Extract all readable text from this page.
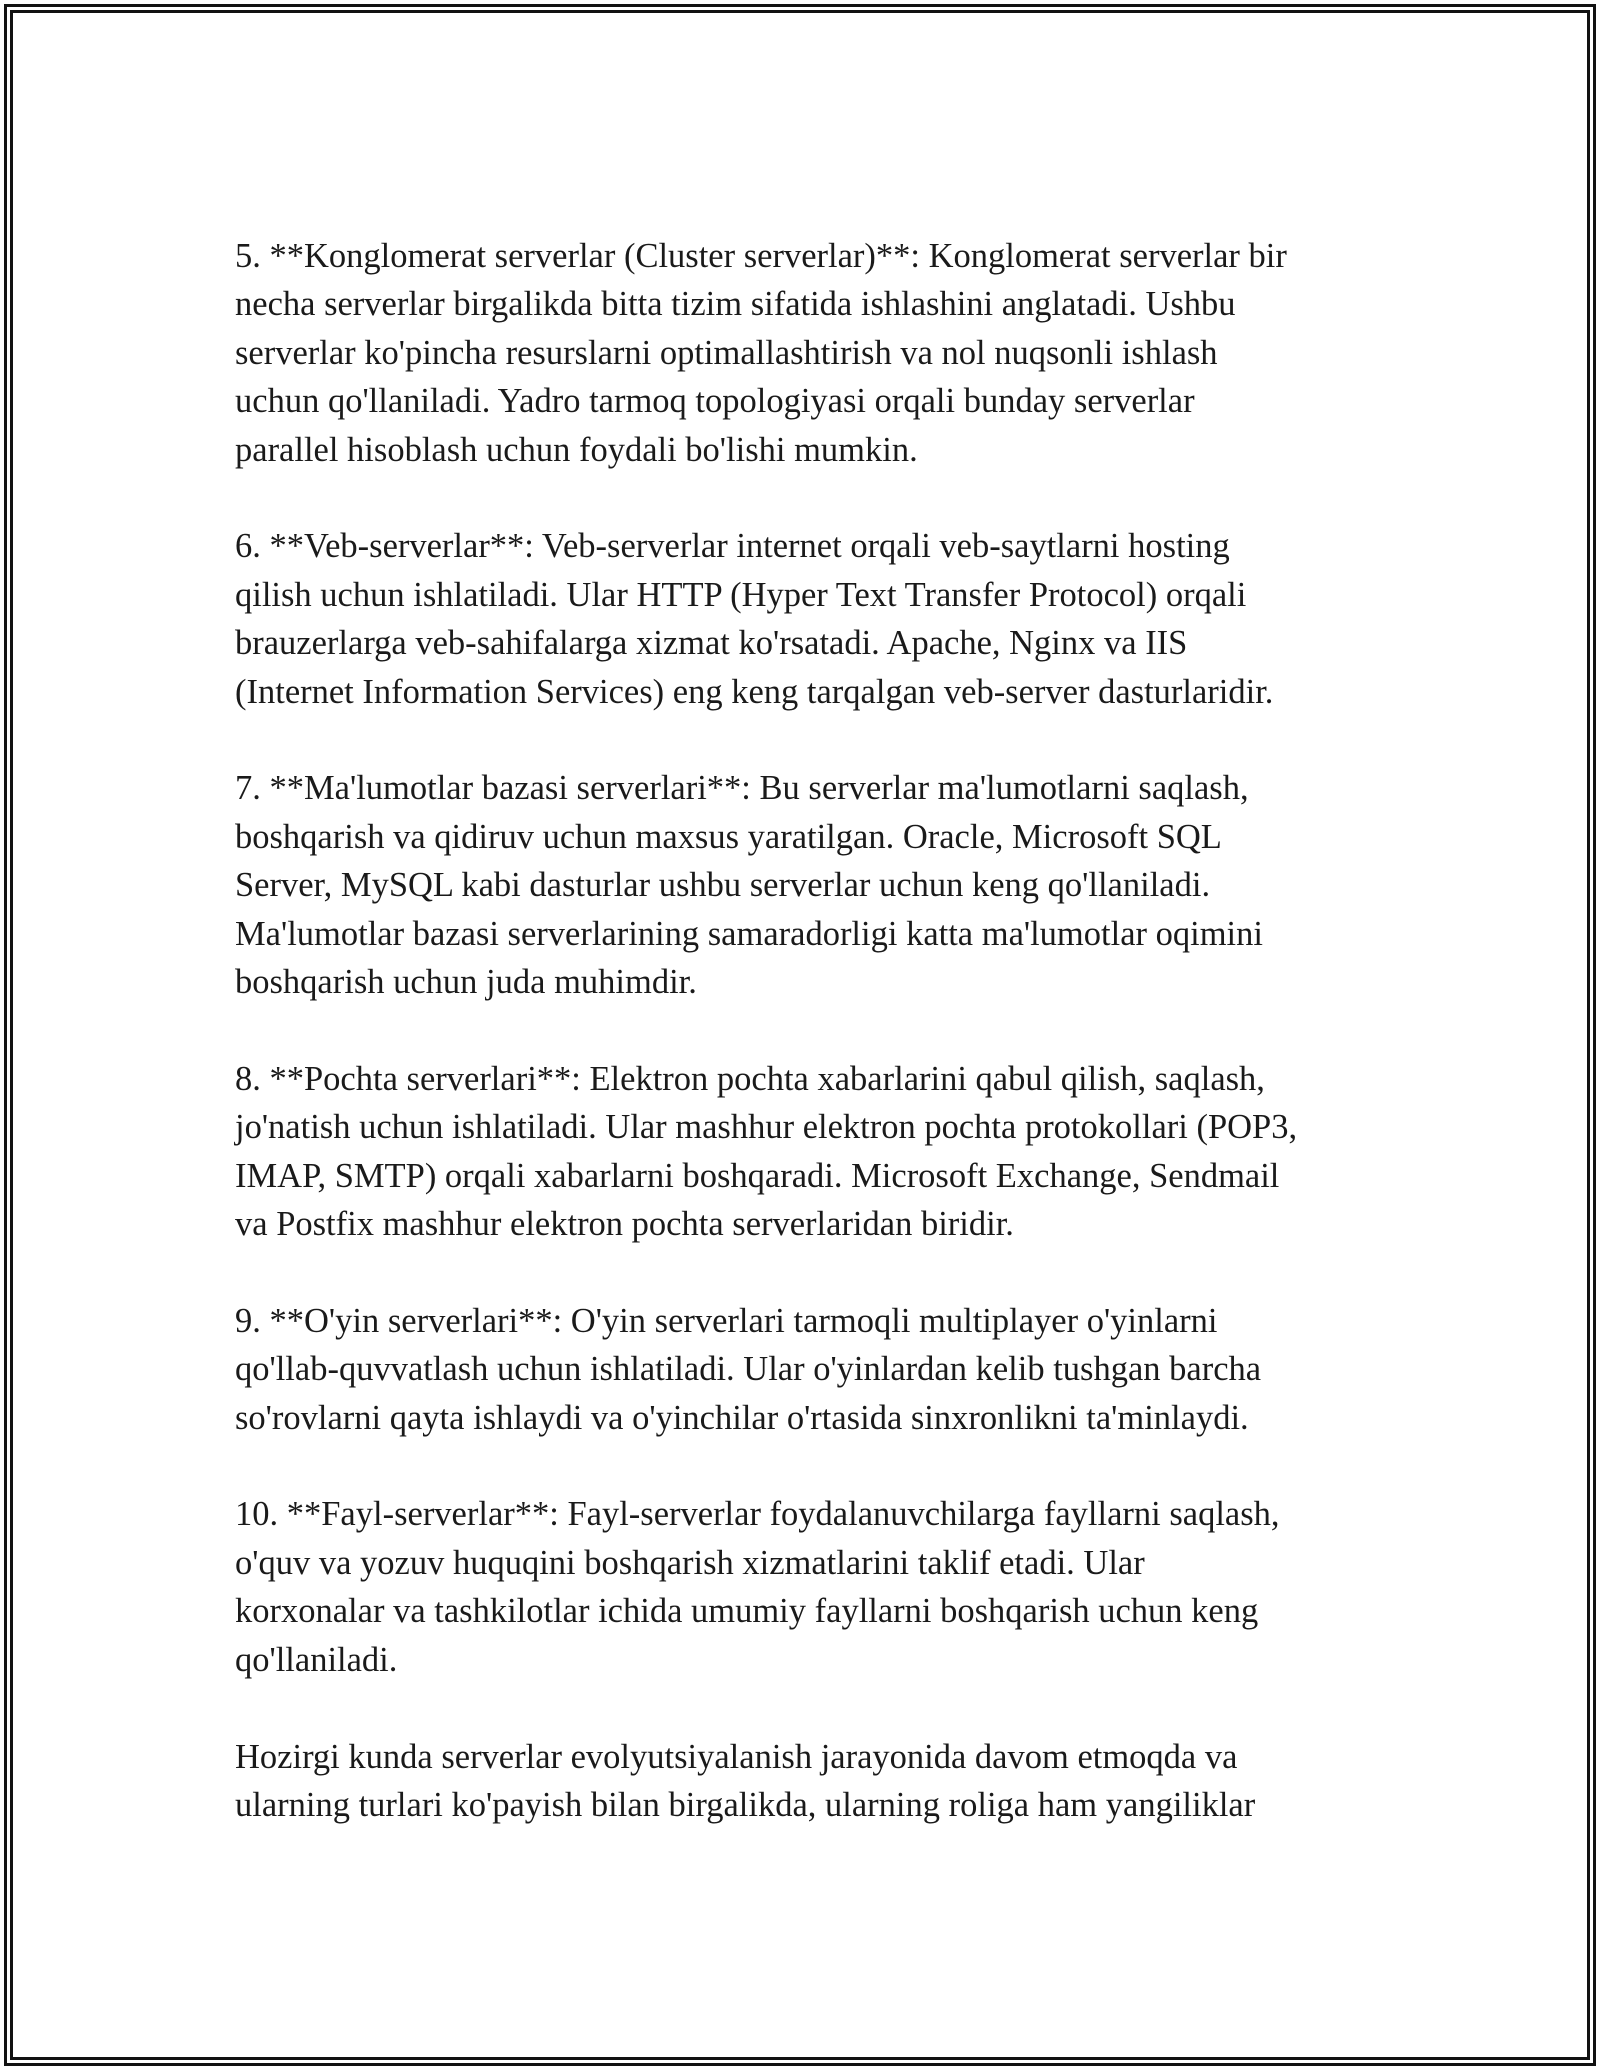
5. **Konglomerat serverlar (Cluster serverlar)**: Konglomerat serverlar bir
necha serverlar birgalikda bitta tizim sifatida ishlashini anglatadi. Ushbu
serverlar ko'pincha resurslarni optimallashtirish va nol nuqsonli ishlash
uchun qo'llaniladi. Yadro tarmoq topologiyasi orqali bunday serverlar
parallel hisoblash uchun foydali bo'lishi mumkin.

6. **Veb-serverlar**: Veb-serverlar internet orqali veb-saytlarni hosting
qilish uchun ishlatiladi. Ular HTTP (Hyper Text Transfer Protocol) orqali
brauzerlarga veb-sahifalarga xizmat ko'rsatadi. Apache, Nginx va IIS
(Internet Information Services) eng keng tarqalgan veb-server dasturlaridir.

7. **Ma'lumotlar bazasi serverlari**: Bu serverlar ma'lumotlarni saqlash,
boshqarish va qidiruv uchun maxsus yaratilgan. Oracle, Microsoft SQL
Server, MySQL kabi dasturlar ushbu serverlar uchun keng qo'llaniladi.
Ma'lumotlar bazasi serverlarining samaradorligi katta ma'lumotlar oqimini
boshqarish uchun juda muhimdir.

8. **Pochta serverlari**: Elektron pochta xabarlarini qabul qilish, saqlash,
jo'natish uchun ishlatiladi. Ular mashhur elektron pochta protokollari (POP3,
IMAP, SMTP) orqali xabarlarni boshqaradi. Microsoft Exchange, Sendmail
va Postfix mashhur elektron pochta serverlaridan biridir.

9. **O'yin serverlari**: O'yin serverlari tarmoqli multiplayer o'yinlarni
qo'llab-quvvatlash uchun ishlatiladi. Ular o'yinlardan kelib tushgan barcha
so'rovlarni qayta ishlaydi va o'yinchilar o'rtasida sinxronlikni ta'minlaydi.

10. **Fayl-serverlar**: Fayl-serverlar foydalanuvchilarga fayllarni saqlash,
o'quv va yozuv huquqini boshqarish xizmatlarini taklif etadi. Ular
korxonalar va tashkilotlar ichida umumiy fayllarni boshqarish uchun keng
qo'llaniladi.

Hozirgi kunda serverlar evolyutsiyalanish jarayonida davom etmoqda va
ularning turlari ko'payish bilan birgalikda, ularning roliga ham yangiliklar
